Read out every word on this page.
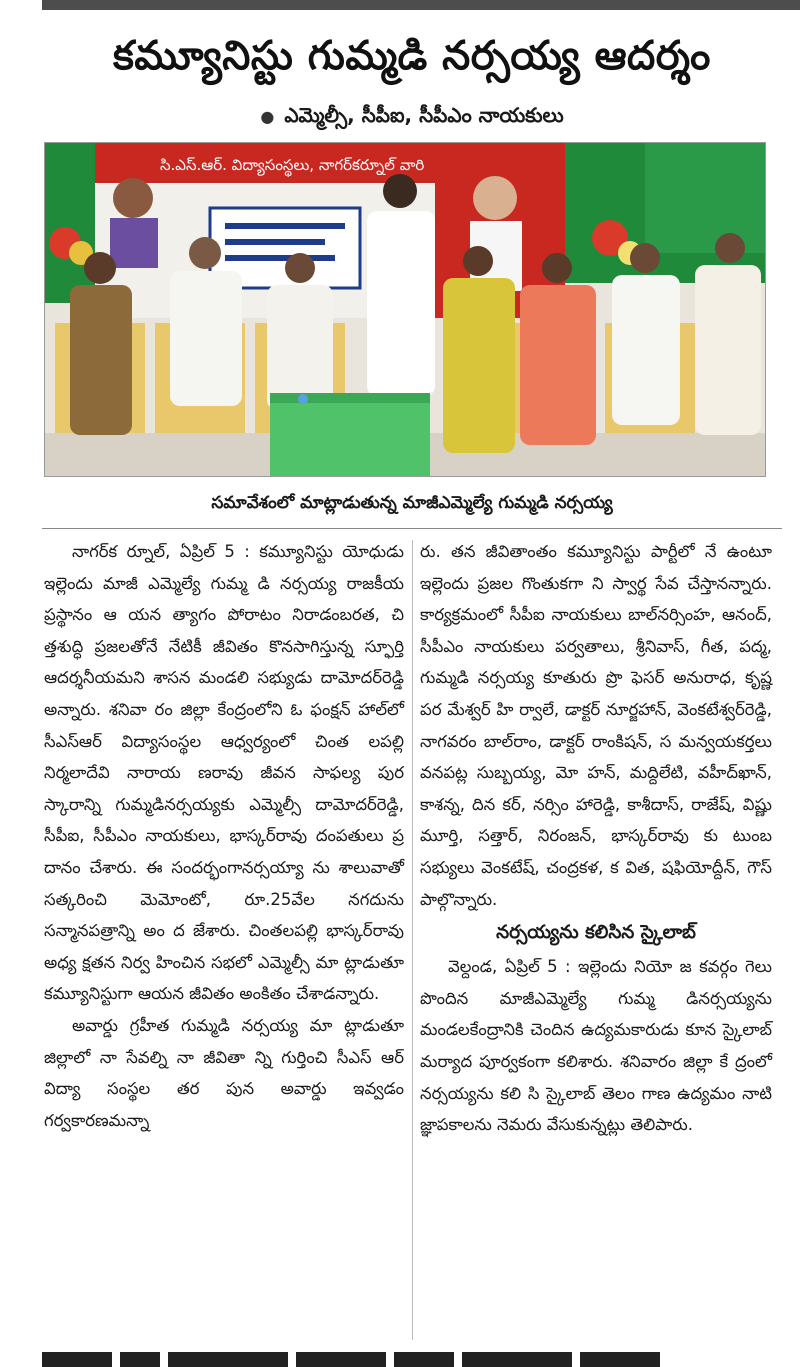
కమ్యూనిస్టు గుమ్మడి నర్సయ్య ఆదర్శం
● ఎమ్మెల్సీ, సీపీఐ, సీపీఎం నాయకులు
సి.ఎస్.ఆర్. విద్యాసంస్థలు, నాగర్‌కర్నూల్ వారి
సమావేశంలో మాట్లాడుతున్న మాజీఎమ్మెల్యే గుమ్మడి నర్సయ్య

నాగర్‌క ర్నూల్, ఏప్రిల్ 5 : కమ్యూనిస్టు యోధుడు ఇల్లెందు మాజీ ఎమ్మెల్యే గుమ్మ డి నర్సయ్య రాజకీయ ప్రస్థానం ఆ యన త్యాగం పోరాటం నిరాడంబరత, చి త్తశుద్ధి ప్రజలతోనే నేటికీ జీవితం కొనసాగిస్తున్న స్ఫూర్తి ఆదర్శనీయమని శాసన మండలి సభ్యుడు దామోదర్‌రెడ్డి అన్నారు. శనివా రం జిల్లా కేంద్రంలోని ఓ ఫంక్షన్ హాల్‌లో సీఎస్ఆర్ విద్యాసంస్థల ఆధ్వర్యంలో చింత లపల్లి నిర్మలాదేవి నారాయ ణరావు జీవన సాఫల్య పుర స్కారాన్ని గుమ్మడినర్సయ్యకు ఎమ్మెల్సీ దామోదర్‌రెడ్డి, సీపీఐ, సీపీఎం నాయకులు, భాస్కర్‌రావు దంపతులు ప్ర దానం చేశారు. ఈ సందర్భంగానర్సయ్యా ను శాలువాతో సత్కరించి మెమోంటో, రూ.25వేల నగదును సన్మానపత్రాన్ని అం ద జేశారు. చింతలపల్లి భాస్కర్‌రావు అధ్య క్షతన నిర్వ హించిన సభలో ఎమ్మెల్సీ మా ట్లాడుతూ కమ్యూనిస్టుగా ఆయన జీవితం అంకితం చేశాడన్నారు.

అవార్డు గ్రహీత గుమ్మడి నర్సయ్య మా ట్లాడుతూ జిల్లాలో నా సేవల్ని నా జీవితా న్ని గుర్తించి సీఎస్ ఆర్ విద్యా సంస్థల తర పున అవార్డు ఇవ్వడం గర్వకారణమన్నా

రు. తన జీవితాంతం కమ్యూనిస్టు పార్టీలో నే ఉంటూ ఇల్లెందు ప్రజల గొంతుకగా ని స్వార్థ సేవ చేస్తానన్నారు. కార్యక్రమంలో సీపీఐ నాయకులు బాల్‌నర్సింహ, ఆనంద్, సీపీఎం నాయకులు పర్వతాలు, శ్రీనివాస్, గీత, పద్మ, గుమ్మడి నర్సయ్య కూతురు ప్రొ ఫెసర్ అనురాధ, కృష్ణ పర మేశ్వర్ హి ర్వాలే, డాక్టర్ నూర్జహాన్, వెంకటేశ్వర్‌రెడ్డి, నాగవరం బాల్‌రాం, డాక్టర్ రాంకిషన్, స మన్వయకర్తలు వనపట్ల సుబ్బయ్య, మో హన్, మద్దిలేటి, వహీద్‌ఖాన్, కాశన్న, దిన కర్, నర్సిం హారెడ్డి, కాశీదాస్, రాజేష్, విష్ణు మూర్తి, సత్తార్, నిరంజన్, భాస్కర్‌రావు కు టుంబ సభ్యులు వెంకటేష్, చంద్రకళ, క విత, షఫియోద్దీన్, గౌస్ పాల్గొన్నారు.

నర్సయ్యను కలిసిన స్కైలాబ్

వెల్దండ, ఏప్రిల్ 5 : ఇల్లెందు నియో జ కవర్గం గెలు పొందిన మాజీఎమ్మెల్యే గుమ్మ డినర్సయ్యను మండలకేంద్రానికి చెందిన ఉద్యమకారుడు కూన స్కైలాబ్ మర్యాద పూర్వకంగా కలిశారు. శనివారం జిల్లా కే ద్రంలో నర్సయ్యను కలి సి స్కైలాబ్ తెలం గాణ ఉద్యమం నాటి జ్ఞాపకాలను నెమరు వేసుకున్నట్లు తెలిపారు.
